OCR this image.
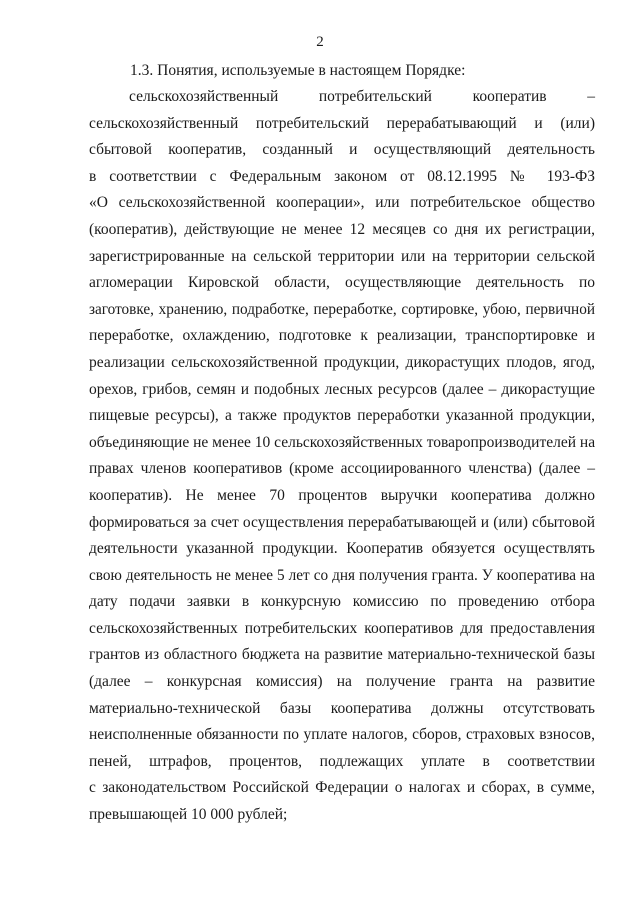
2
1.3. Понятия, используемые в настоящем Порядке:
сельскохозяйственный потребительский кооператив –
сельскохозяйственный потребительский перерабатывающий и (или)
сбытовой кооператив, созданный и осуществляющий деятельность
в соответствии с Федеральным законом от 08.12.1995 № 193-ФЗ
«О сельскохозяйственной кооперации», или потребительское общество
(кооператив), действующие не менее 12 месяцев со дня их регистрации,
зарегистрированные на сельской территории или на территории сельской
агломерации Кировской области, осуществляющие деятельность по
заготовке, хранению, подработке, переработке, сортировке, убою, первичной
переработке, охлаждению, подготовке к реализации, транспортировке и
реализации сельскохозяйственной продукции, дикорастущих плодов, ягод,
орехов, грибов, семян и подобных лесных ресурсов (далее – дикорастущие
пищевые ресурсы), а также продуктов переработки указанной продукции,
объединяющие не менее 10 сельскохозяйственных товаропроизводителей на
правах членов кооперативов (кроме ассоциированного членства) (далее –
кооператив). Не менее 70 процентов выручки кооператива должно
формироваться за счет осуществления перерабатывающей и (или) сбытовой
деятельности указанной продукции. Кооператив обязуется осуществлять
свою деятельность не менее 5 лет со дня получения гранта. У кооператива на
дату подачи заявки в конкурсную комиссию по проведению отбора
сельскохозяйственных потребительских кооперативов для предоставления
грантов из областного бюджета на развитие материально-технической базы
(далее – конкурсная комиссия) на получение гранта на развитие
материально-технической базы кооператива должны отсутствовать
неисполненные обязанности по уплате налогов, сборов, страховых взносов,
пеней, штрафов, процентов, подлежащих уплате в соответствии
с законодательством Российской Федерации о налогах и сборах, в сумме,
превышающей 10 000 рублей;
